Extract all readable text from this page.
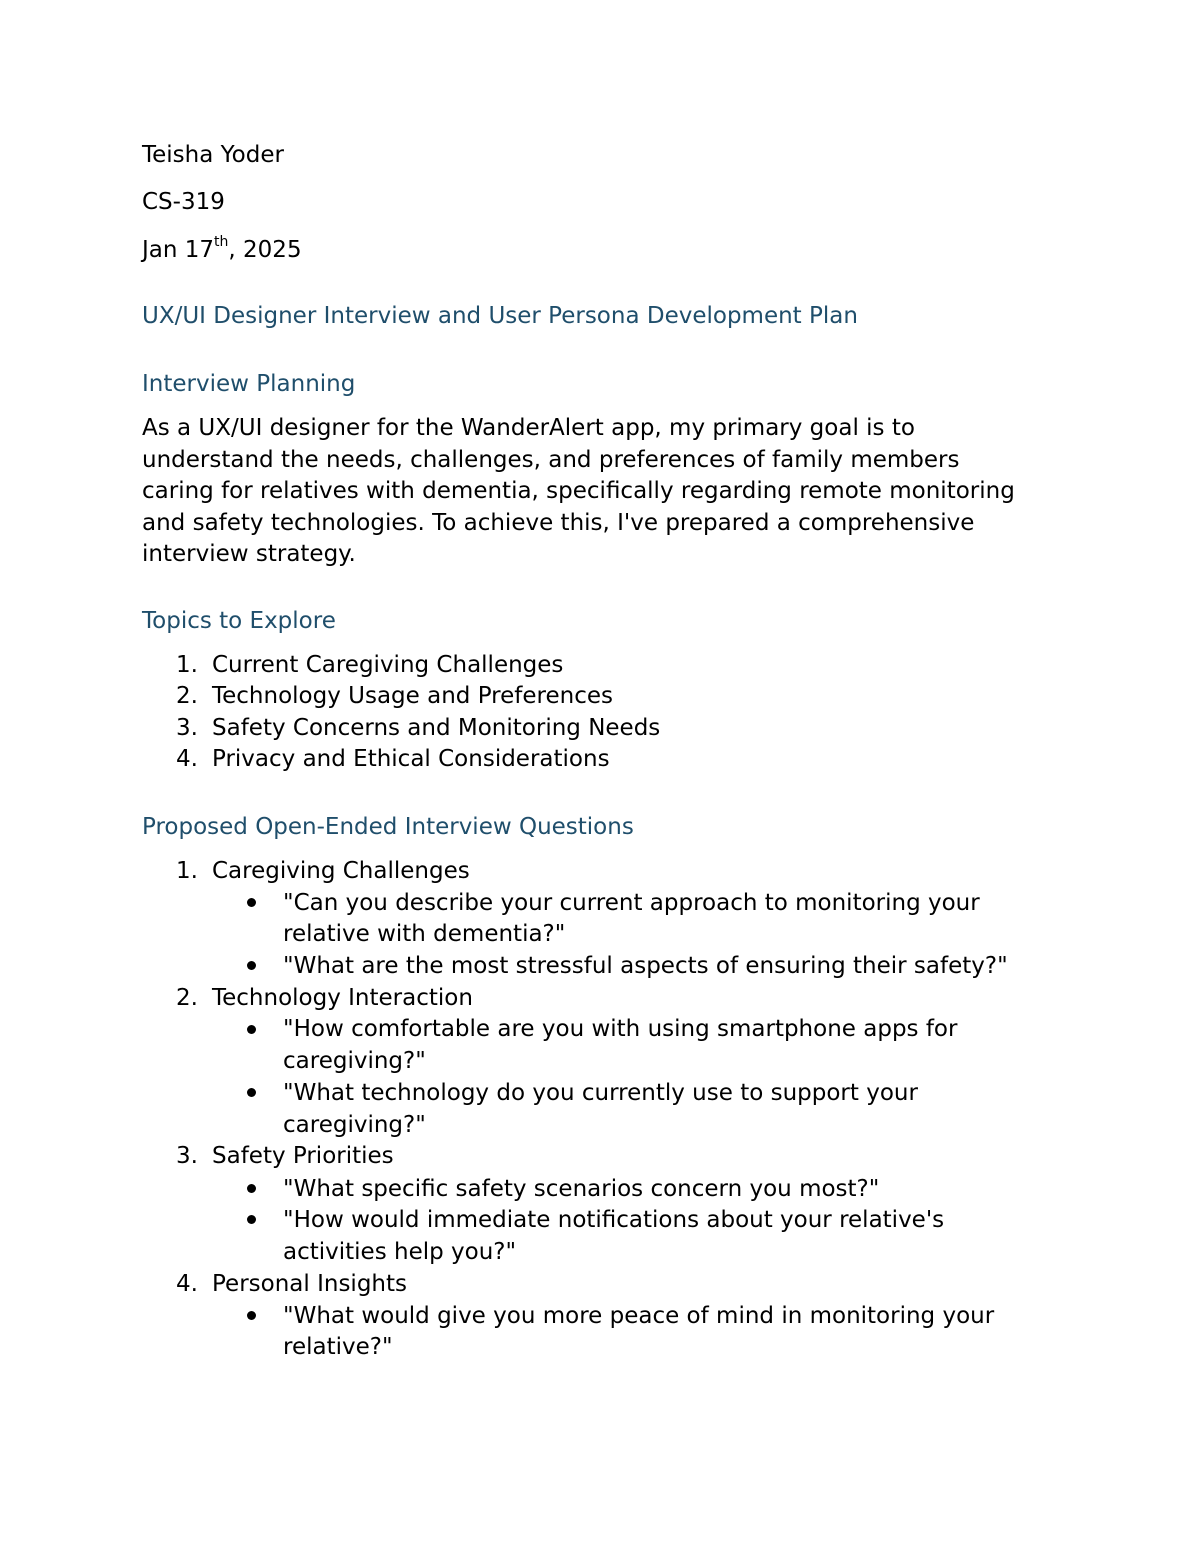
Teisha Yoder
CS-319
Jan 17th, 2025
UX/UI Designer Interview and User Persona Development Plan
Interview Planning
As a UX/UI designer for the WanderAlert app, my primary goal is to
understand the needs, challenges, and preferences of family members
caring for relatives with dementia, specifically regarding remote monitoring
and safety technologies. To achieve this, I've prepared a comprehensive
interview strategy.
Topics to Explore
1. Current Caregiving Challenges
2. Technology Usage and Preferences
3. Safety Concerns and Monitoring Needs
4. Privacy and Ethical Considerations
Proposed Open-Ended Interview Questions
1. Caregiving Challenges
"Can you describe your current approach to monitoring your
relative with dementia?"
"What are the most stressful aspects of ensuring their safety?"
2. Technology Interaction
"How comfortable are you with using smartphone apps for
caregiving?"
"What technology do you currently use to support your
caregiving?"
3. Safety Priorities
"What specific safety scenarios concern you most?"
"How would immediate notifications about your relative's
activities help you?"
4. Personal Insights
"What would give you more peace of mind in monitoring your
relative?"
